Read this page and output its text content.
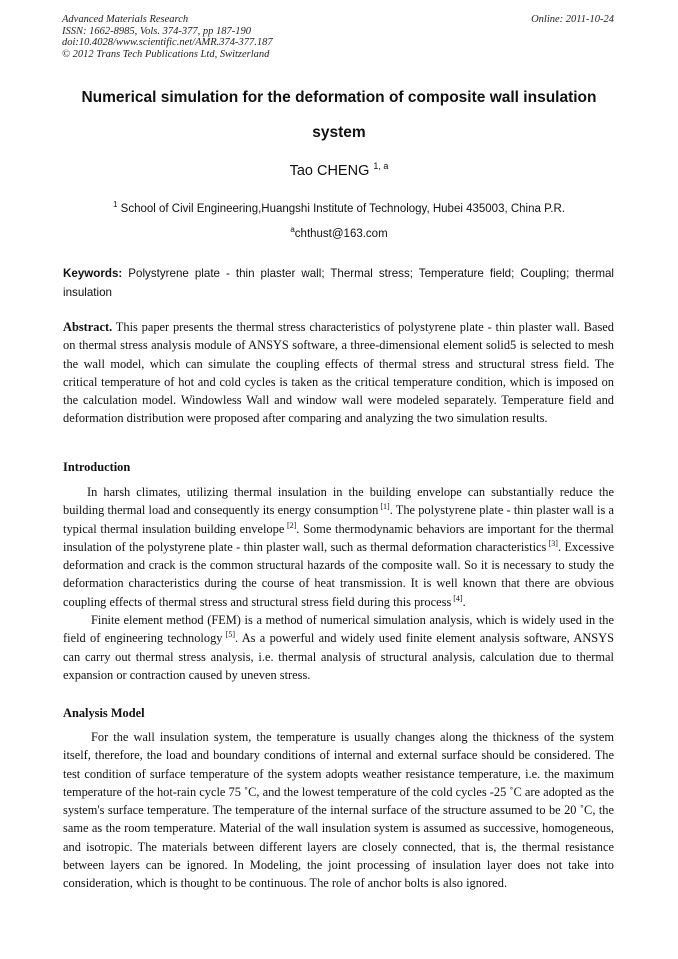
Advanced Materials Research
ISSN: 1662-8985, Vols. 374-377, pp 187-190
doi:10.4028/www.scientific.net/AMR.374-377.187
© 2012 Trans Tech Publications Ltd, Switzerland
Online: 2011-10-24
Numerical simulation for the deformation of composite wall insulation
system
Tao CHENG $^{1, a}$
$^1$ School of Civil Engineering,Huangshi Institute of Technology, Hubei 435003, China P.R.
$^a$chthust@163.com
Keywords: Polystyrene plate - thin plaster wall; Thermal stress; Temperature field; Coupling; thermal insulation
Abstract. This paper presents the thermal stress characteristics of polystyrene plate - thin plaster wall. Based on thermal stress analysis module of ANSYS software, a three-dimensional element solid5 is selected to mesh the wall model, which can simulate the coupling effects of thermal stress and structural stress field. The critical temperature of hot and cold cycles is taken as the critical temperature condition, which is imposed on the calculation model. Windowless Wall and window wall were modeled separately. Temperature field and deformation distribution were proposed after comparing and analyzing the two simulation results.
Introduction

In harsh climates, utilizing thermal insulation in the building envelope can substantially reduce the building thermal load and consequently its energy consumption [1]. The polystyrene plate - thin plaster wall is a typical thermal insulation building envelope [2]. Some thermodynamic behaviors are important for the thermal insulation of the polystyrene plate - thin plaster wall, such as thermal deformation characteristics [3]. Excessive deformation and crack is the common structural hazards of the composite wall. So it is necessary to study the deformation characteristics during the course of heat transmission. It is well known that there are obvious coupling effects of thermal stress and structural stress field during this process [4].

Finite element method (FEM) is a method of numerical simulation analysis, which is widely used in the field of engineering technology [5]. As a powerful and widely used finite element analysis software, ANSYS can carry out thermal stress analysis, i.e. thermal analysis of structural analysis, calculation due to thermal expansion or contraction caused by uneven stress.

Analysis Model

For the wall insulation system, the temperature is usually changes along the thickness of the system itself, therefore, the load and boundary conditions of internal and external surface should be considered. The test condition of surface temperature of the system adopts weather resistance temperature, i.e. the maximum temperature of the hot-rain cycle 75 ˚C, and the lowest temperature of the cold cycles -25 ˚C are adopted as the system's surface temperature. The temperature of the internal surface of the structure assumed to be 20 ˚C, the same as the room temperature. Material of the wall insulation system is assumed as successive, homogeneous, and isotropic. The materials between different layers are closely connected, that is, the thermal resistance between layers can be ignored. In Modeling, the joint processing of insulation layer does not take into consideration, which is thought to be continuous. The role of anchor bolts is also ignored.
